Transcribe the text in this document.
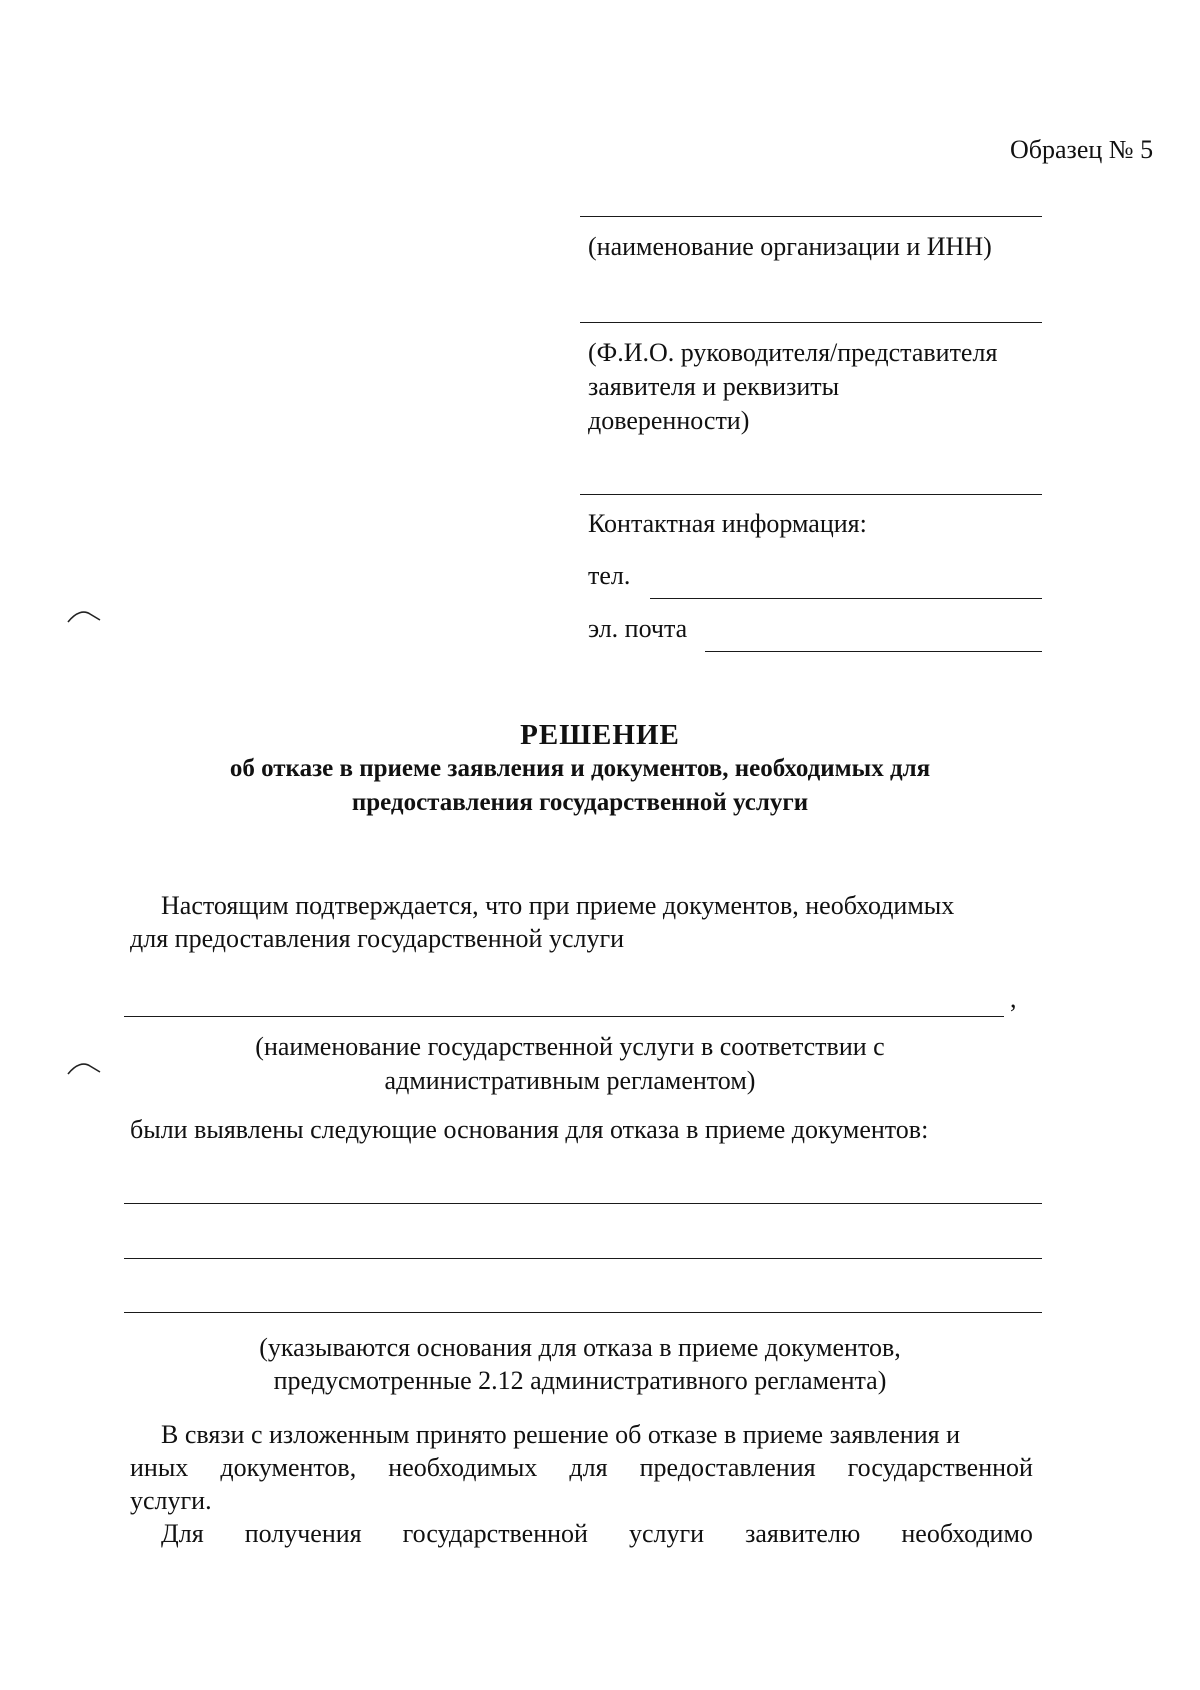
Образец № 5
(наименование организации и ИНН)
(Ф.И.О. руководителя/представителя
заявителя и реквизиты
доверенности)
Контактная информация:
тел.
эл. почта
РЕШЕНИЕ
об отказе в приеме заявления и документов, необходимых для
предоставления государственной услуги
Настоящим подтверждается, что при приеме документов, необходимых
для предоставления государственной услуги
,
(наименование государственной услуги в соответствии с
административным регламентом)
были выявлены следующие основания для отказа в приеме документов:
(указываются основания для отказа в приеме документов,
предусмотренные 2.12 административного регламента)
В связи с изложенным принято решение об отказе в приеме заявления и
иных документов, необходимых для предоставления государственной
услуги.
Для получения государственной услуги заявителю необходимо
